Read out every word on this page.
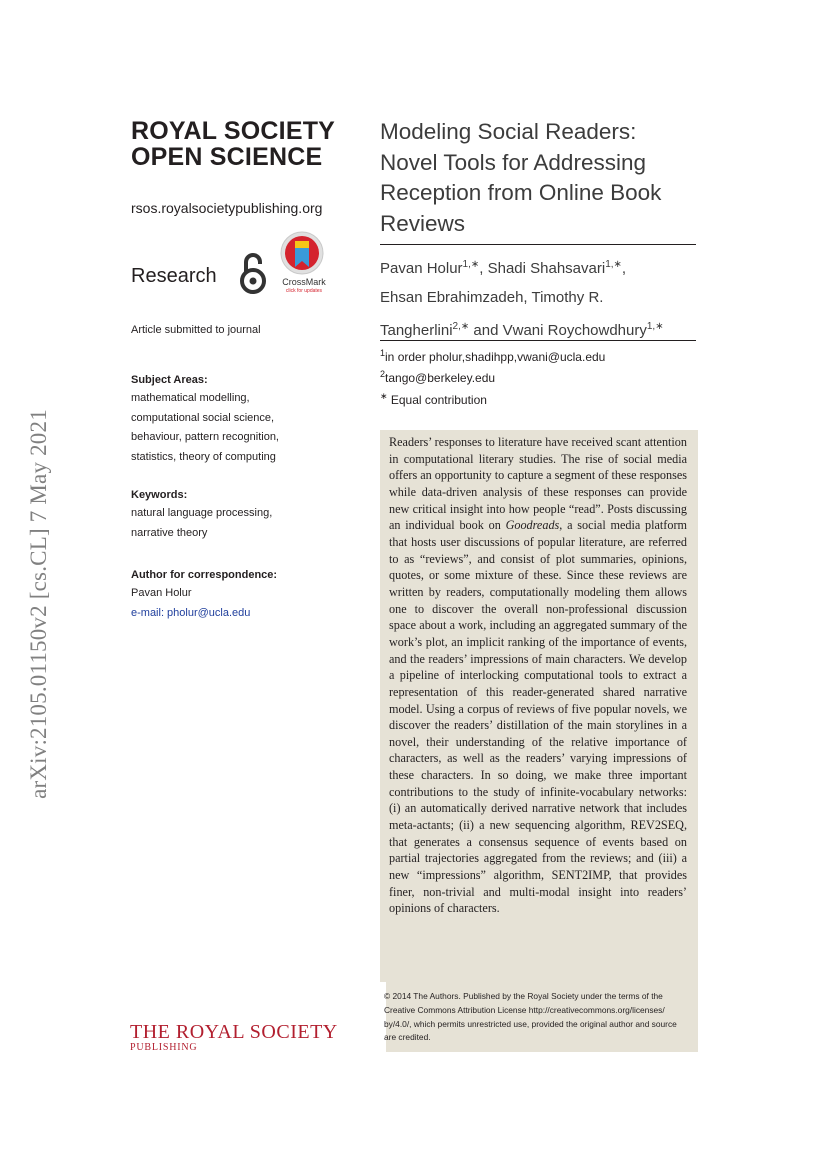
arXiv:2105.01150v2 [cs.CL] 7 May 2021
ROYAL SOCIETY
OPEN SCIENCE
rsos.royalsocietypublishing.org
Research	CrossMark
click for updates
Article submitted to journal
Subject Areas:
mathematical modelling,
computational social science,
behaviour, pattern recognition,
statistics, theory of computing
Keywords:
natural language processing,
narrative theory
Author for correspondence:
Pavan Holur
e-mail: pholur@ucla.edu
Modeling Social Readers:
Novel Tools for Addressing
Reception from Online Book
Reviews
Pavan Holur$^{1,∗}$, Shadi Shahsavari$^{1,∗}$,
Ehsan Ebrahimzadeh, Timothy R.
Tangherlini$^{2,∗}$ and Vwani Roychowdhury$^{1,∗}$
$^1$in order pholur,shadihpp,vwani@ucla.edu
$^2$tango@berkeley.edu
∗ Equal contribution
Readers’ responses to literature have received scant attention in computational literary studies. The rise of social media offers an opportunity to capture a segment of these responses while data-driven analysis of these responses can provide new critical insight into how people “read”. Posts discussing an individual book on Goodreads, a social media platform that hosts user discussions of popular literature, are referred to as “reviews”, and consist of plot summaries, opinions, quotes, or some mixture of these. Since these reviews are written by readers, computationally modeling them allows one to discover the overall non-professional discussion space about a work, including an aggregated summary of the work’s plot, an implicit ranking of the importance of events, and the readers’ impressions of main characters. We develop a pipeline of interlocking computational tools to extract a representation of this reader-generated shared narrative model. Using a corpus of reviews of five popular novels, we discover the readers’ distillation of the main storylines in a novel, their understanding of the relative importance of characters, as well as the readers’ varying impressions of these characters. In so doing, we make three important contributions to the study of infinite-vocabulary networks: (i) an automatically derived narrative network that includes meta-actants; (ii) a new sequencing algorithm, REV2SEQ, that generates a consensus sequence of events based on partial trajectories aggregated from the reviews; and (iii) a new “impressions” algorithm, SENT2IMP, that provides finer, non-trivial and multi-modal insight into readers’ opinions of characters.
© 2014 The Authors. Published by the Royal Society under the terms of the Creative Commons Attribution License http://creativecommons.org/licenses/ by/4.0/, which permits unrestricted use, provided the original author and source are credited.
THE ROYAL SOCIETY
PUBLISHING
